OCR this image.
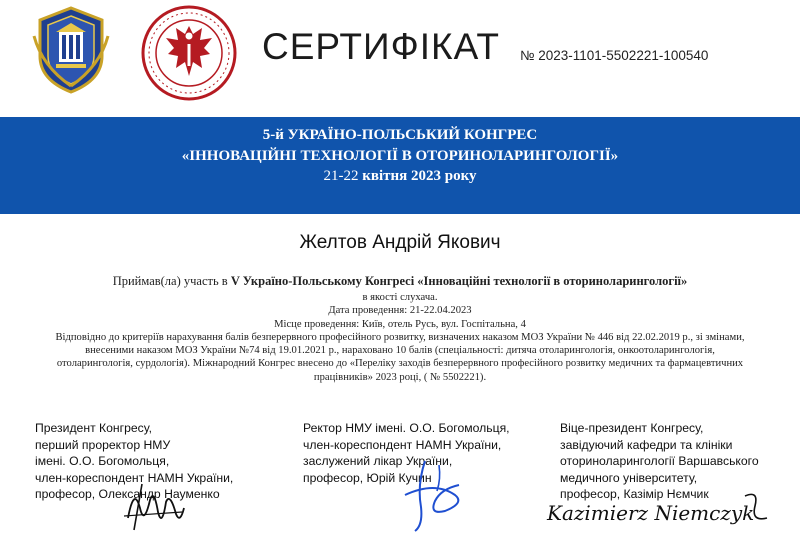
СЕРТИФІКАТ № 2023-1101-5502221-100540
5-й УКРАЇНО-ПОЛЬСЬКИЙ КОНГРЕС
«ІННОВАЦІЙНІ ТЕХНОЛОГІЇ В ОТОРИНОЛАРИНГОЛОГІЇ»
21-22 квітня 2023 року
Желтов Андрій Якович
Приймав(ла) участь в V Україно-Польському Конгресі «Інноваційні технології в оториноларингології»
в якості слухача.
Дата проведення: 21-22.04.2023
Місце проведення: Київ, отель Русь, вул. Госпітальна, 4
Відповідно до критеріїв нарахування балів безперервного професійного розвитку, визначених наказом МОЗ України № 446 від 22.02.2019 р., зі змінами, внесеними наказом МОЗ України №74 від 19.01.2021 р., нараховано 10 балів (спеціальності: дитяча отоларингологія, онкоотоларингологія, отоларингологія, сурдологія). Міжнародний Конгрес внесено до «Переліку заходів безперервного професійного розвитку медичних та фармацевтичних працівників» 2023 році, ( № 5502221).
Президент Конгресу,
перший проректор НМУ
імені. О.О. Богомольця,
член-кореспондент НАМН України,
професор, Олександр Науменко
Ректор НМУ імені. О.О. Богомольця,
член-кореспондент НАМН України,
заслужений лікар України,
професор, Юрій Кучин
Віце-президент Конгресу,
завідуючий кафедри та клініки
оториноларингології Варшавського
медичного університету,
професор, Казімір Нємчик
Kazimierz Niemczyk
